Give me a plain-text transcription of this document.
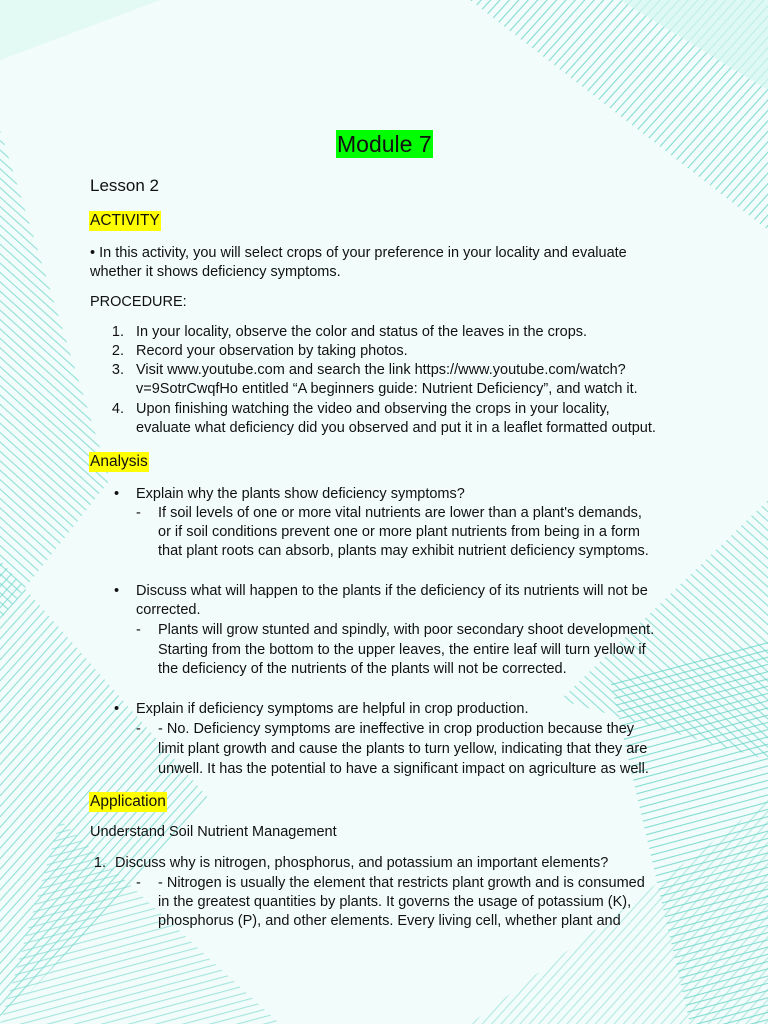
Module 7
Lesson 2
ACTIVITY
• In this activity, you will select crops of your preference in your locality and evaluate
whether it shows deficiency symptoms.
PROCEDURE:
1. In your locality, observe the color and status of the leaves in the crops.
2. Record your observation by taking photos.
3. Visit www.youtube.com and search the link https://www.youtube.com/watch?
v=9SotrCwqfHo entitled “A beginners guide: Nutrient Deficiency”, and watch it.
4. Upon finishing watching the video and observing the crops in your locality,
evaluate what deficiency did you observed and put it in a leaflet formatted output.
Analysis
• Explain why the plants show deficiency symptoms?
- If soil levels of one or more vital nutrients are lower than a plant's demands,
or if soil conditions prevent one or more plant nutrients from being in a form
that plant roots can absorb, plants may exhibit nutrient deficiency symptoms.
• Discuss what will happen to the plants if the deficiency of its nutrients will not be
corrected.
- Plants will grow stunted and spindly, with poor secondary shoot development.
Starting from the bottom to the upper leaves, the entire leaf will turn yellow if
the deficiency of the nutrients of the plants will not be corrected.
• Explain if deficiency symptoms are helpful in crop production.
- - No. Deficiency symptoms are ineffective in crop production because they
limit plant growth and cause the plants to turn yellow, indicating that they are
unwell. It has the potential to have a significant impact on agriculture as well.
Application
Understand Soil Nutrient Management
1. Discuss why is nitrogen, phosphorus, and potassium an important elements?
- - Nitrogen is usually the element that restricts plant growth and is consumed
in the greatest quantities by plants. It governs the usage of potassium (K),
phosphorus (P), and other elements. Every living cell, whether plant and
